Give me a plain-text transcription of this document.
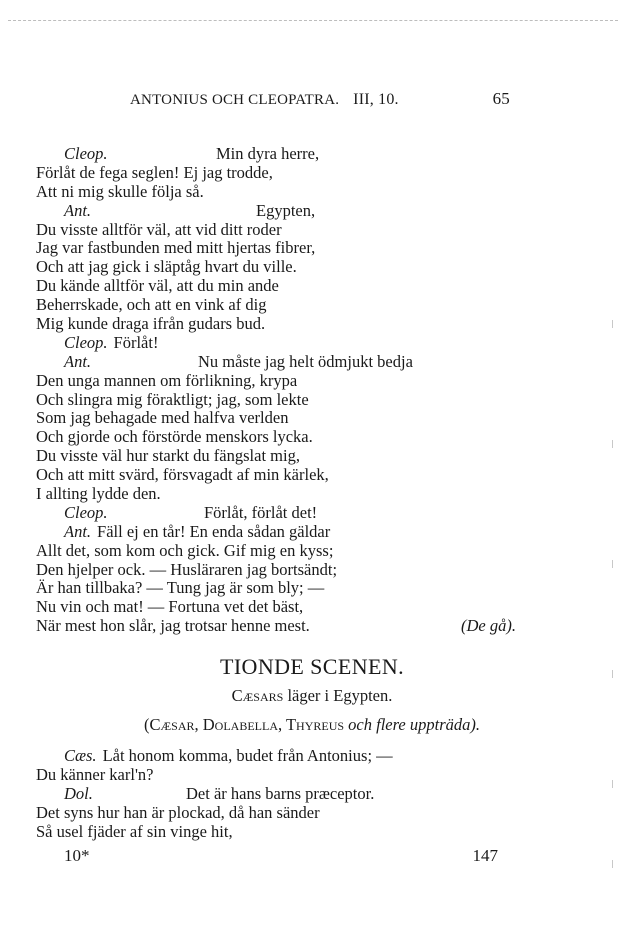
ANTONIUS OCH CLEOPATRA. III, 10.	65
Cleop.	Min dyra herre,
Förlåt de fega seglen! Ej jag trodde,
Att ni mig skulle följa så.
Ant.	Egypten,
Du visste alltför väl, att vid ditt roder
Jag var fastbunden med mitt hjertas fibrer,
Och att jag gick i släptåg hvart du ville.
Du kände alltför väl, att du min ande
Beherrskade, och att en vink af dig
Mig kunde draga ifrån gudars bud.
Cleop. Förlåt!
Ant.	Nu måste jag helt ödmjukt bedja
Den unga mannen om förlikning, krypa
Och slingra mig föraktligt; jag, som lekte
Som jag behagade med halfva verlden
Och gjorde och förstörde menskors lycka.
Du visste väl hur starkt du fängslat mig,
Och att mitt svärd, försvagadt af min kärlek,
I allting lydde den.
Cleop.	Förlåt, förlåt det!
Ant. Fäll ej en tår! En enda sådan gäldar
Allt det, som kom och gick. Gif mig en kyss;
Den hjelper ock. — Husläraren jag bortsändt;
Är han tillbaka? — Tung jag är som bly; —
Nu vin och mat! — Fortuna vet det bäst,
När mest hon slår, jag trotsar henne mest.	(De gå).
TIONDE SCENEN.
Cæsars läger i Egypten.
(Cæsar, Dolabella, Thyreus och flere uppträda).
Cæs. Låt honom komma, budet från Antonius; —
Du känner karl'n?
Dol.	Det är hans barns præceptor.
Det syns hur han är plockad, då han sänder
Så usel fjäder af sin vinge hit,
10*	147
